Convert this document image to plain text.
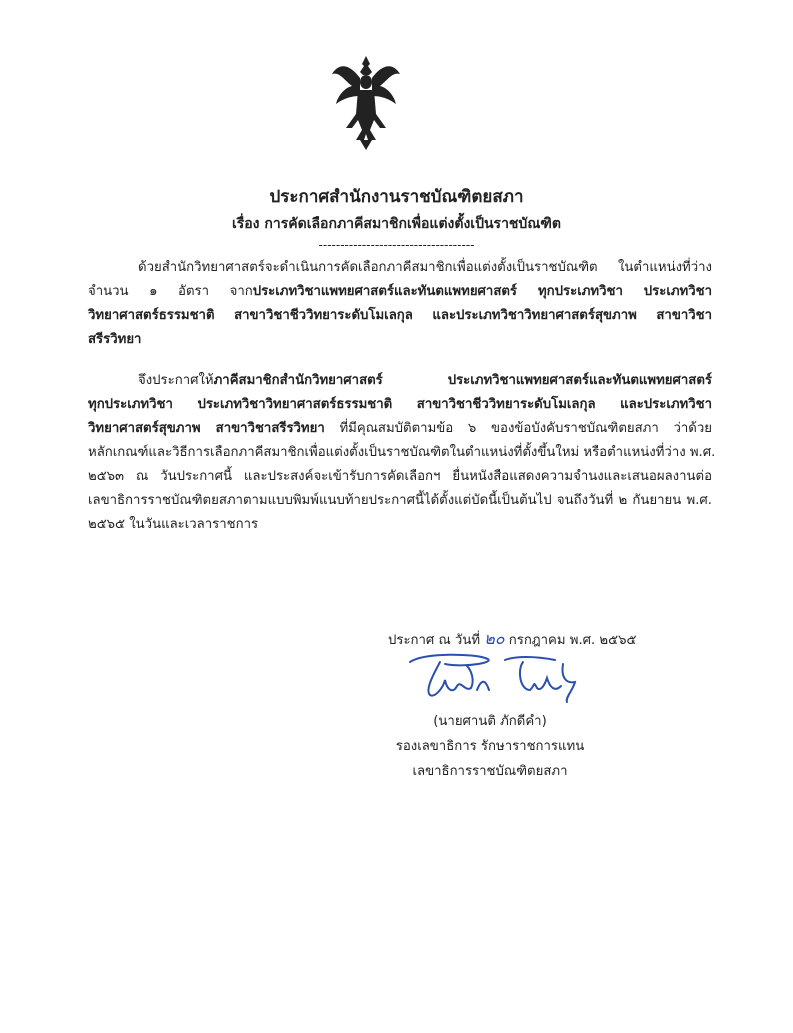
ประกาศสำนักงานราชบัณฑิตยสภา
เรื่อง การคัดเลือกภาคีสมาชิกเพื่อแต่งตั้งเป็นราชบัณฑิต
------------------------------------
ด้วยสำนักวิทยาศาสตร์จะดำเนินการคัดเลือกภาคีสมาชิกเพื่อแต่งตั้งเป็นราชบัณฑิต ในตำแหน่งที่ว่าง
จำนวน ๑ อัตรา จากประเภทวิชาแพทยศาสตร์และทันตแพทยศาสตร์ ทุกประเภทวิชา ประเภทวิชา
วิทยาศาสตร์ธรรมชาติ สาขาวิชาชีววิทยาระดับโมเลกุล และประเภทวิชาวิทยาศาสตร์สุขภาพ สาขาวิชา
สรีรวิทยา
จึงประกาศให้ภาคีสมาชิกสำนักวิทยาศาสตร์ ประเภทวิชาแพทยศาสตร์และทันตแพทยศาสตร์
ทุกประเภทวิชา ประเภทวิชาวิทยาศาสตร์ธรรมชาติ สาขาวิชาชีววิทยาระดับโมเลกุล และประเภทวิชา
วิทยาศาสตร์สุขภาพ สาขาวิชาสรีรวิทยา ที่มีคุณสมบัติตามข้อ ๖ ของข้อบังคับราชบัณฑิตยสภา ว่าด้วย
หลักเกณฑ์และวิธีการเลือกภาคีสมาชิกเพื่อแต่งตั้งเป็นราชบัณฑิตในตำแหน่งที่ตั้งขึ้นใหม่ หรือตำแหน่งที่ว่าง พ.ศ.
๒๕๖๓ ณ วันประกาศนี้ และประสงค์จะเข้ารับการคัดเลือกฯ ยื่นหนังสือแสดงความจำนงและเสนอผลงานต่อ
เลขาธิการราชบัณฑิตยสภาตามแบบพิมพ์แนบท้ายประกาศนี้ได้ตั้งแต่บัดนี้เป็นต้นไป จนถึงวันที่ ๒ กันยายน พ.ศ.
๒๕๖๕ ในวันและเวลาราชการ
ประกาศ ณ วันที่ ๒๐ กรกฎาคม พ.ศ. ๒๕๖๕
(นายศานติ ภักดีคำ)
รองเลขาธิการ รักษาราชการแทน
เลขาธิการราชบัณฑิตยสภา
